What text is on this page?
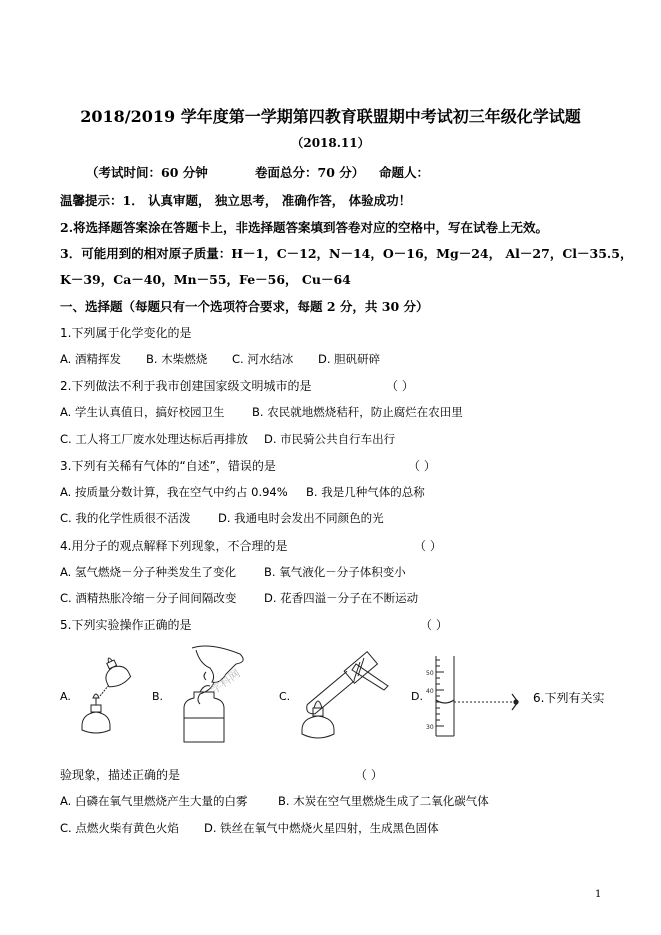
2018/2019 学年度第一学期第四教育联盟期中考试初三年级化学试题
（2018.11）
（考试时间：60 分钟	卷面总分：70 分） 命题人：
温馨提示：1． 认真审题， 独立思考， 准确作答， 体验成功！
2.将选择题答案涂在答题卡上，非选择题答案填到答卷对应的空格中，写在试卷上无效。
3．可能用到的相对原子质量：H－1，C－12，N－14，O－16，Mg－24， Al－27，Cl－35.5，
K－39，Ca－40，Mn－55，Fe－56， Cu－64
一、选择题（每题只有一个选项符合要求，每题 2 分，共 30 分）
1.下列属于化学变化的是
A. 酒精挥发 B. 木柴燃烧 C. 河水结冰 D. 胆矾研碎
2.下列做法不利于我市创建国家级文明城市的是	（ ）
A. 学生认真值日，搞好校园卫生 B. 农民就地燃烧秸秆，防止腐烂在农田里
C. 工人将工厂废水处理达标后再排放 D. 市民骑公共自行车出行
3.下列有关稀有气体的“自述”，错误的是	（ ）
A. 按质量分数计算，我在空气中约占 0.94% B. 我是几种气体的总称
C. 我的化学性质很不活泼 D. 我通电时会发出不同颜色的光
4.用分子的观点解释下列现象，不合理的是	（ ）
A. 氢气燃烧－分子种类发生了变化 B. 氧气液化－分子体积变小
C. 酒精热胀冷缩－分子间间隔改变 D. 花香四溢－分子在不断运动
5.下列实验操作正确的是	（ ）
A.	B.	C.	D.
学科网	50
40
30
6.下列有关实
验现象，描述正确的是	（ ）
A. 白磷在氧气里燃烧产生大量的白雾	B. 木炭在空气里燃烧生成了二氧化碳气体
C. 点燃火柴有黄色火焰 D. 铁丝在氧气中燃烧火星四射，生成黑色固体
1
